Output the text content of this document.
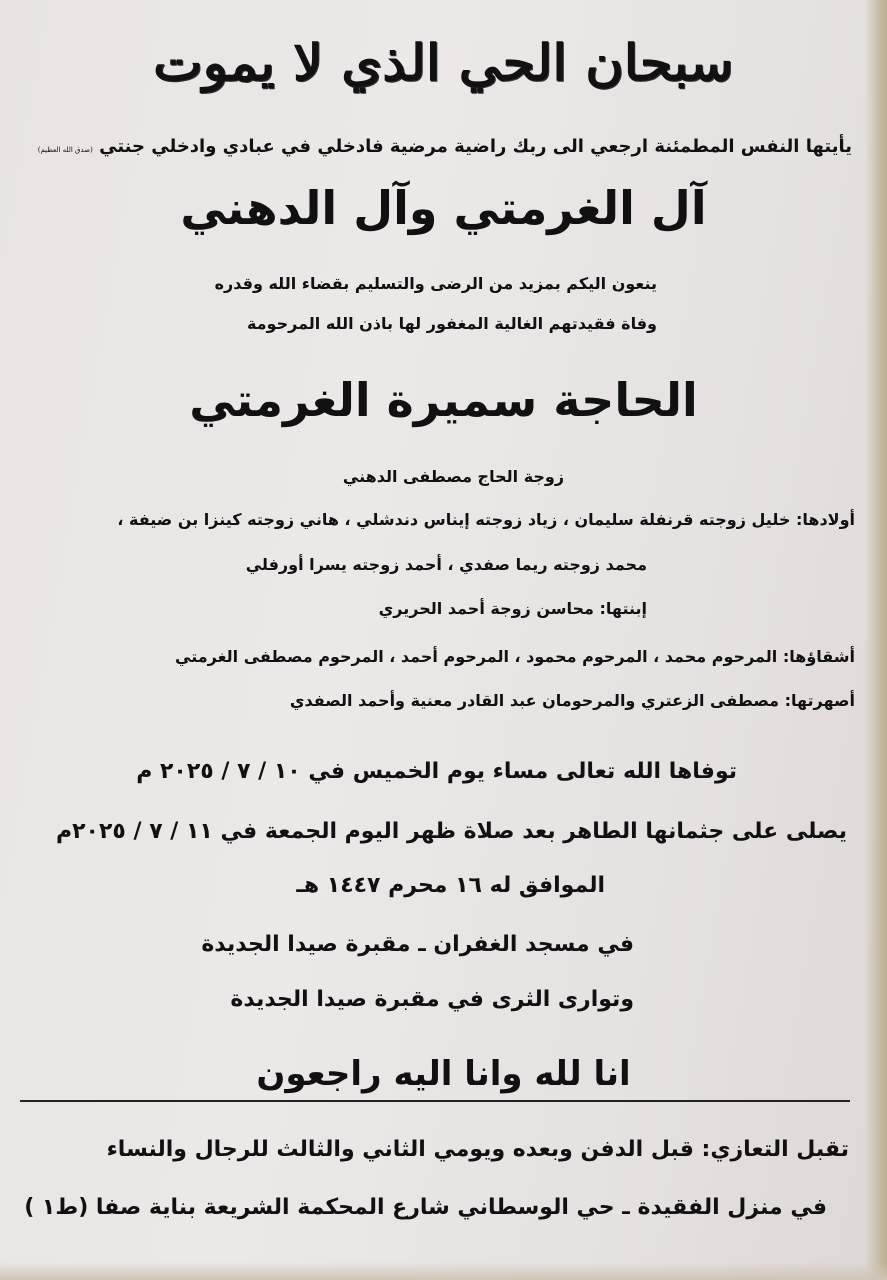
سبحان الحي الذي لا يموت
يأيتها النفس المطمئنة ارجعي الى ربك راضية مرضية فادخلي في عبادي وادخلي جنتي (صدق الله العظيم)
آل الغرمتي وآل الدهني
ينعون اليكم بمزيد من الرضى والتسليم بقضاء الله وقدره
وفاة فقيدتهم الغالية المغفور لها باذن الله المرحومة
الحاجة سميرة الغرمتي
زوجة الحاج مصطفى الدهني
أولادها: خليل زوجته قرنفلة سليمان ، زياد زوجته إيناس دندشلي ، هاني زوجته كينزا بن ضيفة ،
محمد زوجته ريما صفدي ، أحمد زوجته يسرا أورفلي
إبنتها: محاسن زوجة أحمد الحريري
أشقاؤها: المرحوم محمد ، المرحوم محمود ، المرحوم أحمد ، المرحوم مصطفى الغرمتي
أصهرتها: مصطفى الزعتري والمرحومان عبد القادر معنية وأحمد الصفدي
توفاها الله تعالى مساء يوم الخميس في ١٠ / ٧ / ٢٠٢٥ م
يصلى على جثمانها الطاهر بعد صلاة ظهر اليوم الجمعة في ١١ / ٧ / ٢٠٢٥م
الموافق له ١٦ محرم ١٤٤٧ هـ
في مسجد الغفران ـ مقبرة صيدا الجديدة
وتوارى الثرى في مقبرة صيدا الجديدة
انا لله وانا اليه راجعون
تقبل التعازي: قبل الدفن وبعده ويومي الثاني والثالث للرجال والنساء
في منزل الفقيدة ـ حي الوسطاني شارع المحكمة الشريعة بناية صفا (ط١ )
